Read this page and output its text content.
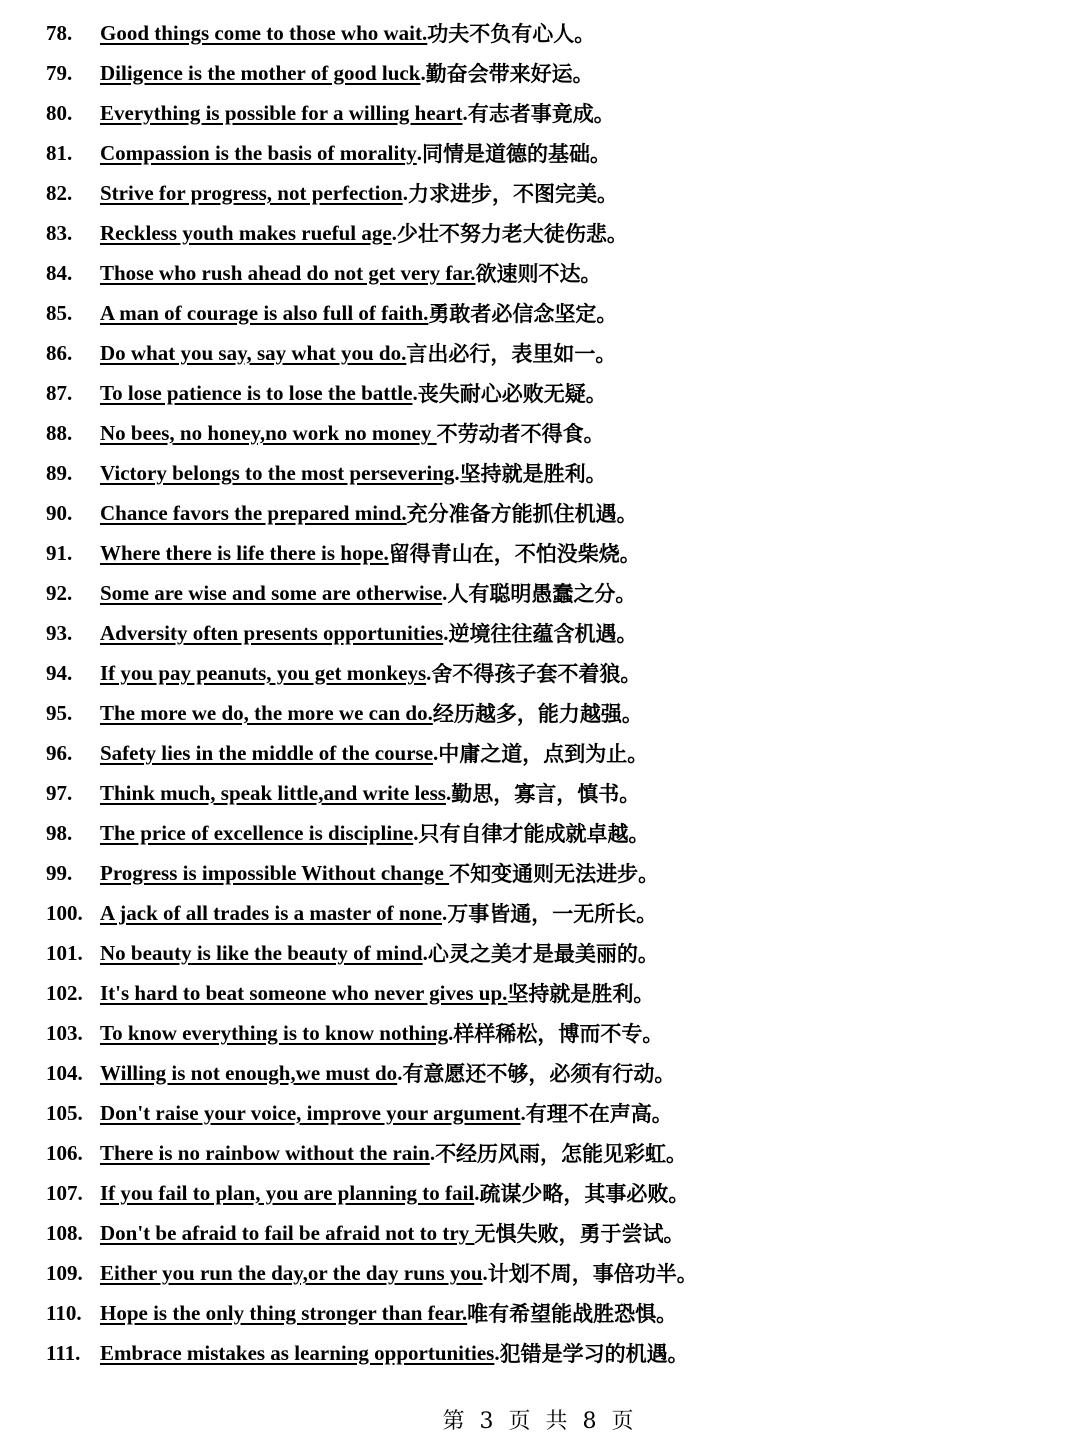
78.	Good things come to those who wait. 功夫不负有心人。
79.	Diligence is the mother of good luck . 勤奋会带来好运。
80.	Everything is possible for a willing heart . 有志者事竟成。
81.	Compassion is the basis of morality . 同情是道德的基础。
82.	Strive for progress, not perfection . 力求进步，不图完美。
83.	Reckless youth makes rueful age . 少壮不努力老大徒伤悲。
84.	Those who rush ahead do not get very far. 欲速则不达。
85.	A man of courage is also full of faith. 勇敢者必信念坚定。
86.	Do what you say, say what you do. 言出必行，表里如一。
87.	To lose patience is to lose the battle . 丧失耐心必败无疑。
88.	No bees, no honey,no work no money 不劳动者不得食。
89.	Victory belongs to the most persevering . 坚持就是胜利。
90.	Chance favors the prepared mind. 充分准备方能抓住机遇。
91.	Where there is life there is hope. 留得青山在，不怕没柴烧。
92.	Some are wise and some are otherwise . 人有聪明愚蠢之分。
93.	Adversity often presents opportunities . 逆境往往蕴含机遇。
94.	If you pay peanuts, you get monkeys . 舍不得孩子套不着狼。
95.	The more we do, the more we can do. 经历越多，能力越强。
96.	Safety lies in the middle of the course . 中庸之道，点到为止。
97.	Think much, speak little,and write less . 勤思，寡言，慎书。
98.	The price of excellence is discipline . 只有自律才能成就卓越。
99.	Progress is impossible Without change 不知变通则无法进步。
100. A jack of all trades is a master of none . 万事皆通，一无所长。
101. No beauty is like the beauty of mind . 心灵之美才是最美丽的。
102. It's hard to beat someone who never gives up. 坚持就是胜利。
103. To know everything is to know nothing . 样样稀松，博而不专。
104. Willing is not enough,we must do . 有意愿还不够，必须有行动。
105. Don't raise your voice, improve your argument . 有理不在声高。
106. There is no rainbow without the rain . 不经历风雨，怎能见彩虹。
107. If you fail to plan, you are planning to fail . 疏谋少略，其事必败。
108. Don't be afraid to fail be afraid not to try 无惧失败，勇于尝试。
109. Either you run the day,or the day runs you . 计划不周，事倍功半。
110. Hope is the only thing stronger than fear. 唯有希望能战胜恐惧。
111. Embrace mistakes as learning opportunities . 犯错是学习的机遇。
第 3 页 共 8 页
